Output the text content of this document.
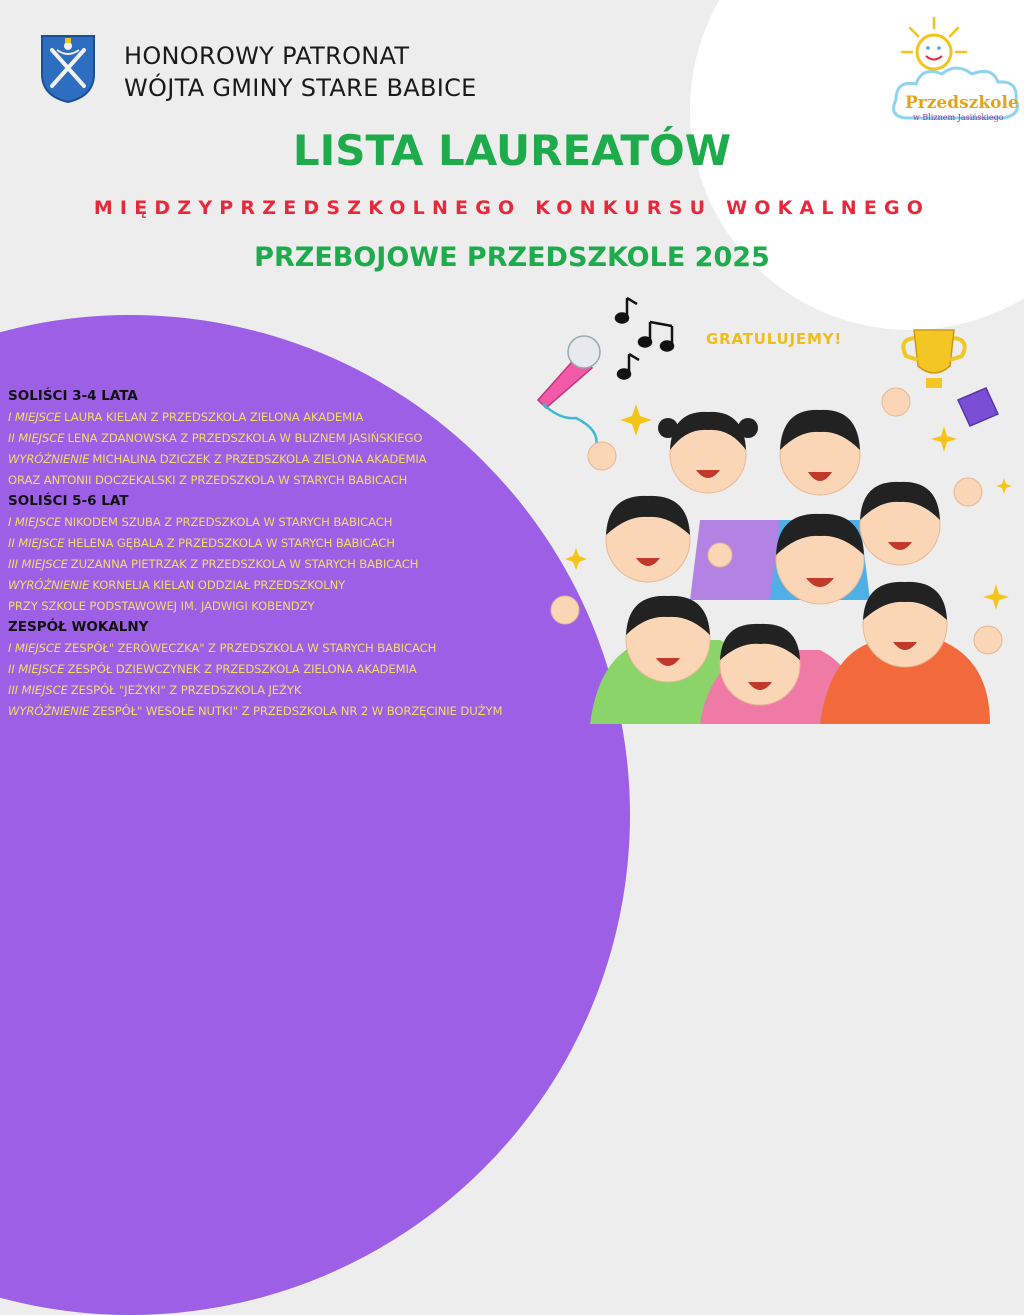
HONOROWY PATRONAT
WÓJTA GMINY STARE BABICE
Przedszkole
w Bliznem Jasińskiego
LISTA LAUREATÓW
MIĘDZYPRZEDSZKOLNEGO KONKURSU WOKALNEGO
PRZEBOJOWE PRZEDSZKOLE 2025
GRATULUJEMY!
SOLIŚCI 3-4 LATA
I MIEJSCE LAURA KIELAN Z PRZEDSZKOLA ZIELONA AKADEMIA
II MIEJSCE LENA ZDANOWSKA Z PRZEDSZKOLA W BLIZNEM JASIŃSKIEGO
WYRÓŻNIENIE MICHALINA DZICZEK Z PRZEDSZKOLA ZIELONA AKADEMIA
ORAZ ANTONII DOCZEKALSKI Z PRZEDSZKOLA W STARYCH BABICACH
SOLIŚCI 5-6 LAT
I MIEJSCE NIKODEM SZUBA Z PRZEDSZKOLA W STARYCH BABICACH
II MIEJSCE HELENA GĘBALA Z PRZEDSZKOLA W STARYCH BABICACH
III MIEJSCE ZUZANNA PIETRZAK Z PRZEDSZKOLA W STARYCH BABICACH
WYRÓŻNIENIE KORNELIA KIELAN ODDZIAŁ PRZEDSZKOLNY
PRZY SZKOLE PODSTAWOWEJ IM. JADWIGI KOBENDZY
ZESPÓŁ WOKALNY
I MIEJSCE ZESPÓŁ" ZERÓWECZKA" Z PRZEDSZKOLA W STARYCH BABICACH
II MIEJSCE ZESPÓŁ DZIEWCZYNEK Z PRZEDSZKOLA ZIELONA AKADEMIA
III MIEJSCE ZESPÓŁ "JEŻYKI" Z PRZEDSZKOLA JEŻYK
WYRÓŻNIENIE ZESPÓŁ" WESOŁE NUTKI" Z PRZEDSZKOLA NR 2 W BORZĘCINIE DUŻYM
